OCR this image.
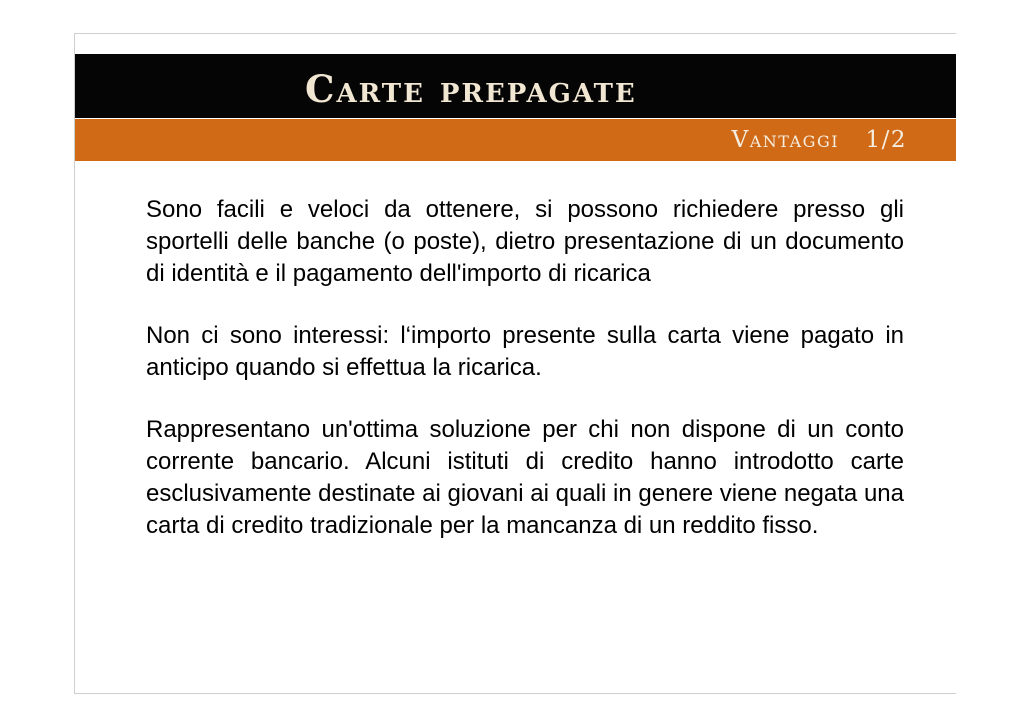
Carte prepagate
Vantaggi   1/2

Sono facili e veloci da ottenere, si possono richiedere presso gli sportelli delle banche (o poste), dietro presentazione di un documento di identità e il pagamento dell'importo di ricarica

Non ci sono interessi: l‘importo presente sulla carta viene pagato in anticipo quando si effettua la ricarica.

Rappresentano un'ottima soluzione per chi non dispone di un conto corrente bancario. Alcuni istituti di credito hanno introdotto carte esclusivamente destinate ai giovani ai quali in genere viene negata una carta di credito tradizionale per la mancanza di un reddito fisso.
